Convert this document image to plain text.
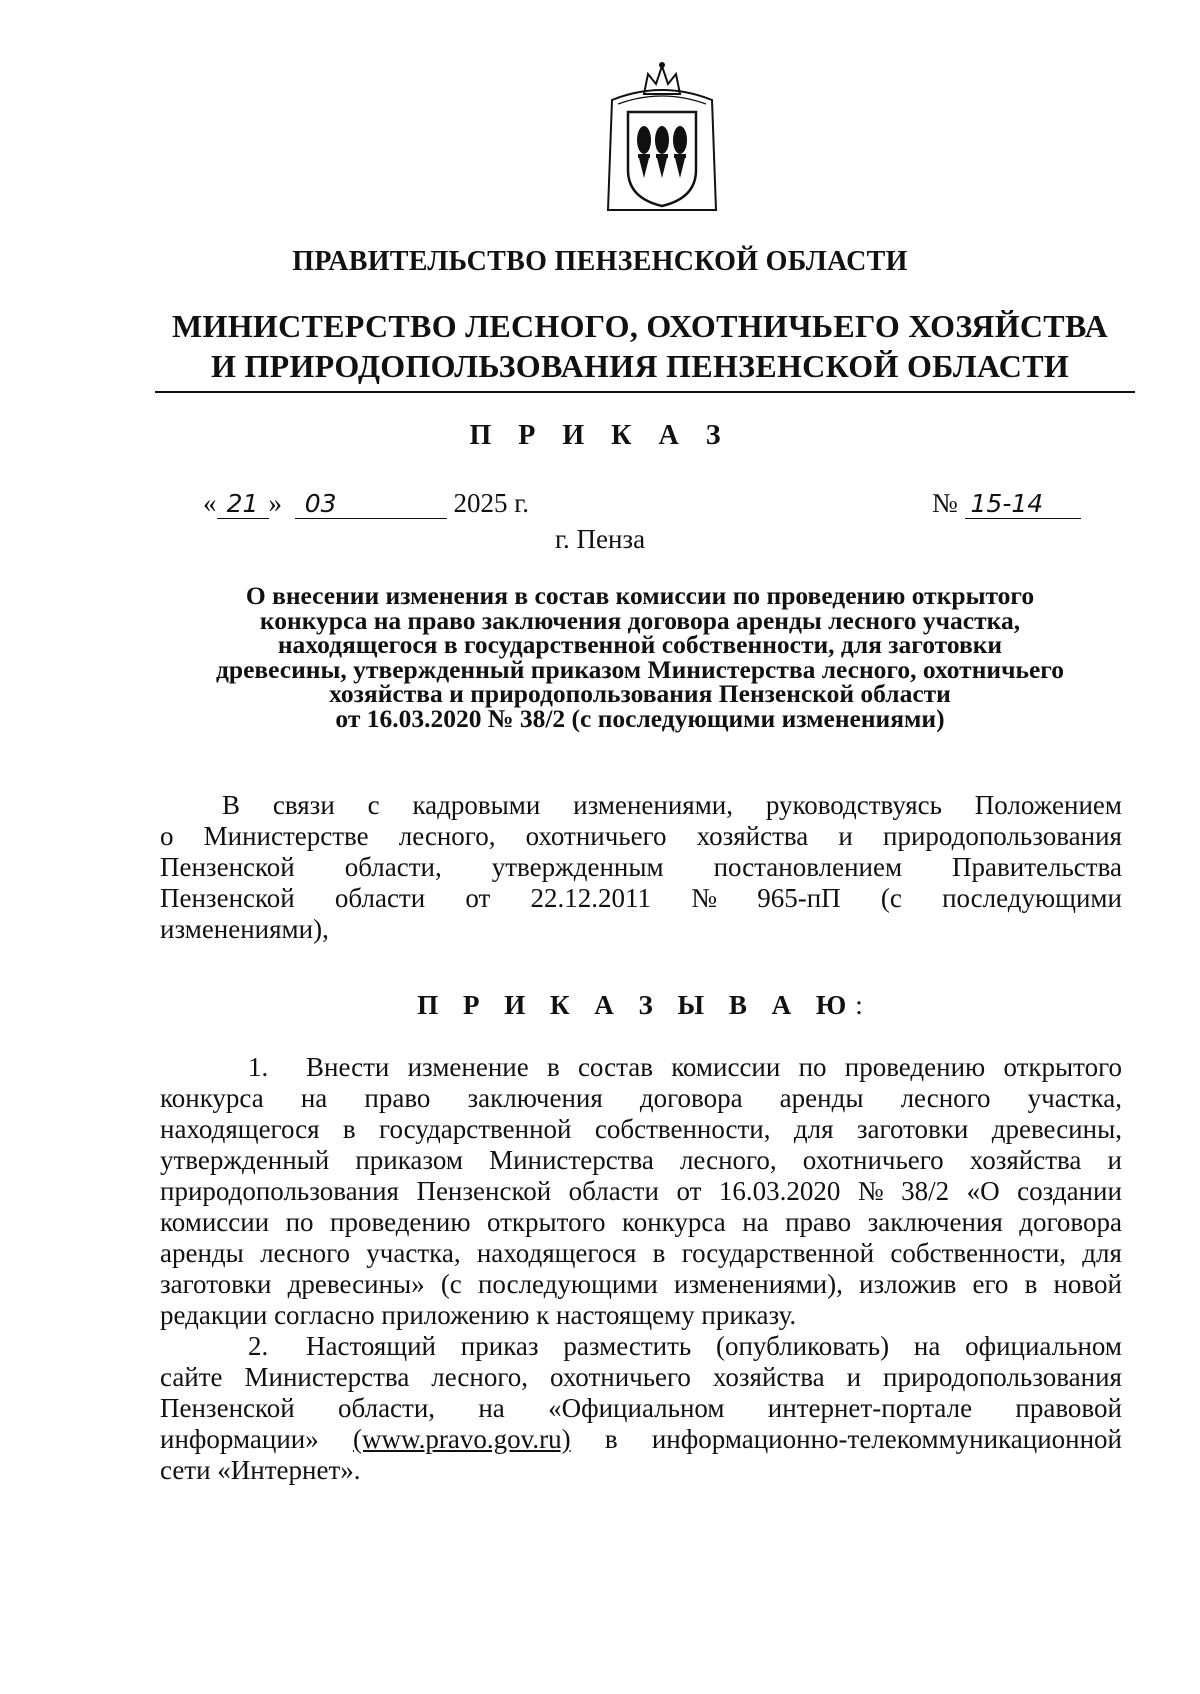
ПРАВИТЕЛЬСТВО ПЕНЗЕНСКОЙ ОБЛАСТИ
МИНИСТЕРСТВО ЛЕСНОГО, ОХОТНИЧЬЕГО ХОЗЯЙСТВА
И ПРИРОДОПОЛЬЗОВАНИЯ ПЕНЗЕНСКОЙ ОБЛАСТИ
П Р И К А З
« 21 » 03	2025 г.	№ 15-14
г. Пенза
О внесении изменения в состав комиссии по проведению открытого
конкурса на право заключения договора аренды лесного участка,
находящегося в государственной собственности, для заготовки
древесины, утвержденный приказом Министерства лесного, охотничьего
хозяйства и природопользования Пензенской области
от 16.03.2020 № 38/2 (с последующими изменениями)
В связи с кадровыми изменениями, руководствуясь Положением
о Министерстве лесного, охотничьего хозяйства и природопользования
Пензенской области, утвержденным постановлением Правительства
Пензенской области от 22.12.2011 № 965-пП (с последующими
изменениями),
П Р И К А З Ы В А Ю:
1. Внести изменение в состав комиссии по проведению открытого
конкурса на право заключения договора аренды лесного участка,
находящегося в государственной собственности, для заготовки древесины,
утвержденный приказом Министерства лесного, охотничьего хозяйства и
природопользования Пензенской области от 16.03.2020 № 38/2 «О создании
комиссии по проведению открытого конкурса на право заключения договора
аренды лесного участка, находящегося в государственной собственности, для
заготовки древесины» (с последующими изменениями), изложив его в новой
редакции согласно приложению к настоящему приказу.
2. Настоящий приказ разместить (опубликовать) на официальном
сайте Министерства лесного, охотничьего хозяйства и природопользования
Пензенской области, на «Официальном интернет-портале правовой
информации» (www.pravo.gov.ru) в информационно-телекоммуникационной
сети «Интернет».
